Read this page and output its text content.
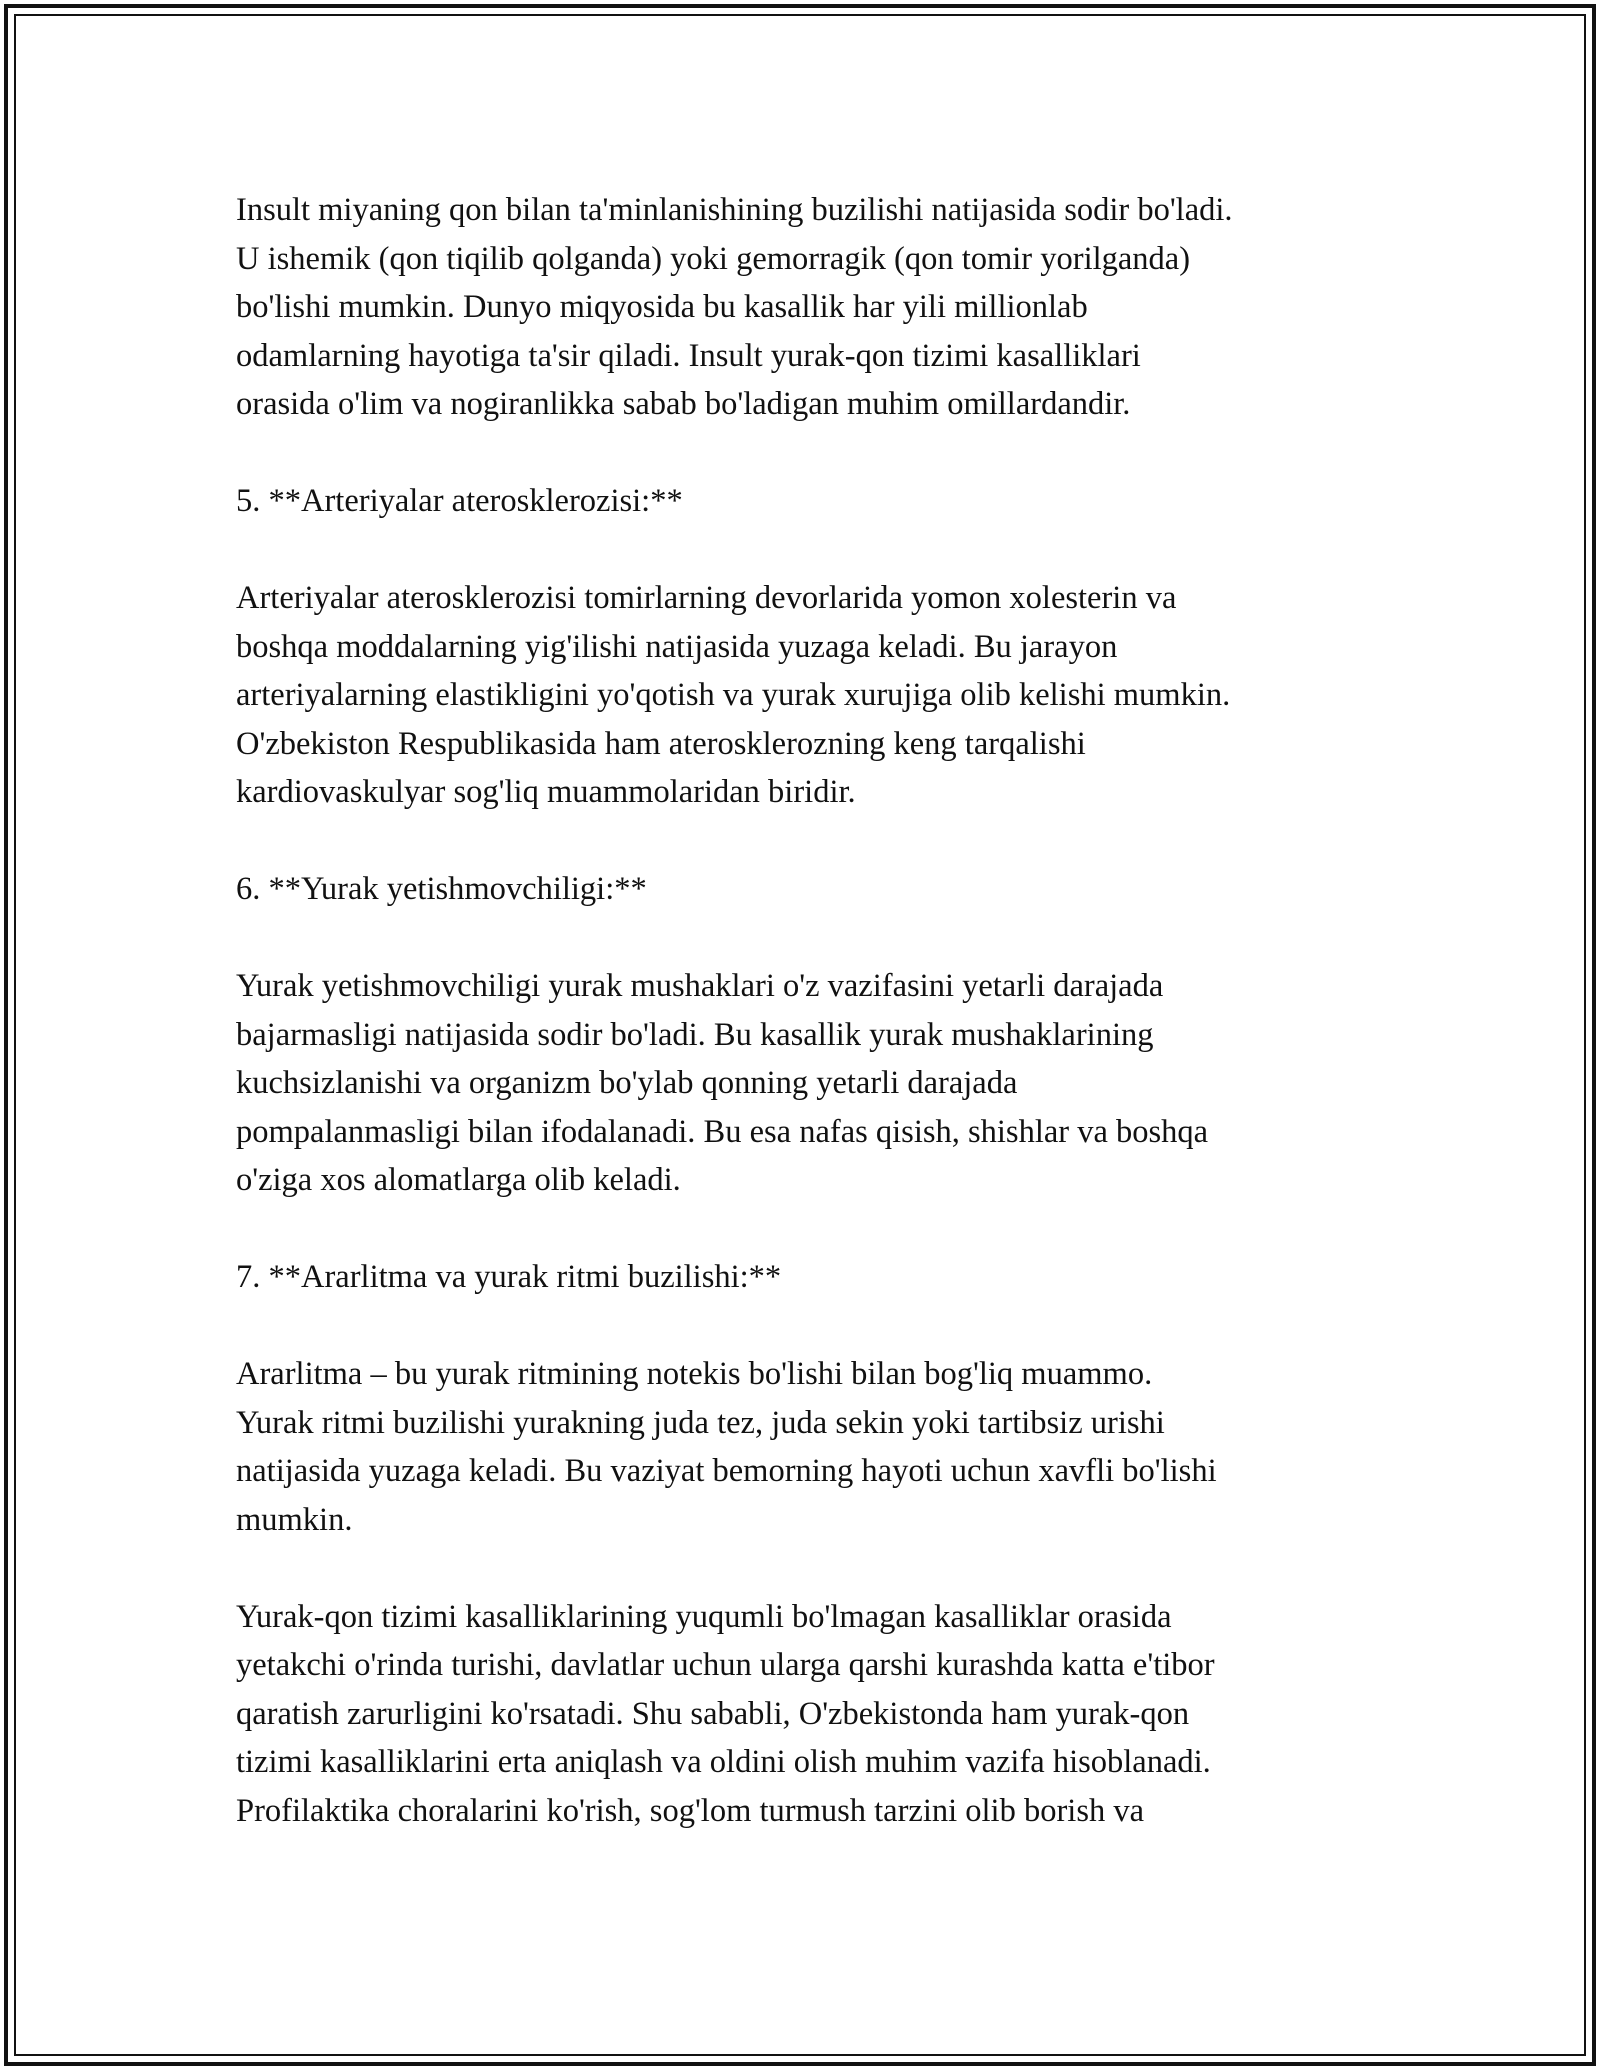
Insult miyaning qon bilan ta'minlanishining buzilishi natijasida sodir bo'ladi.
U ishemik (qon tiqilib qolganda) yoki gemorragik (qon tomir yorilganda)
bo'lishi mumkin. Dunyo miqyosida bu kasallik har yili millionlab
odamlarning hayotiga ta'sir qiladi. Insult yurak-qon tizimi kasalliklari
orasida o'lim va nogiranlikka sabab bo'ladigan muhim omillardandir.

5. **Arteriyalar aterosklerozisi:**

Arteriyalar aterosklerozisi tomirlarning devorlarida yomon xolesterin va
boshqa moddalarning yig'ilishi natijasida yuzaga keladi. Bu jarayon
arteriyalarning elastikligini yo'qotish va yurak xurujiga olib kelishi mumkin.
O'zbekiston Respublikasida ham aterosklerozning keng tarqalishi
kardiovaskulyar sog'liq muammolaridan biridir.

6. **Yurak yetishmovchiligi:**

Yurak yetishmovchiligi yurak mushaklari o'z vazifasini yetarli darajada
bajarmasligi natijasida sodir bo'ladi. Bu kasallik yurak mushaklarining
kuchsizlanishi va organizm bo'ylab qonning yetarli darajada
pompalanmasligi bilan ifodalanadi. Bu esa nafas qisish, shishlar va boshqa
o'ziga xos alomatlarga olib keladi.

7. **Ararlitma va yurak ritmi buzilishi:**

Ararlitma – bu yurak ritmining notekis bo'lishi bilan bog'liq muammo.
Yurak ritmi buzilishi yurakning juda tez, juda sekin yoki tartibsiz urishi
natijasida yuzaga keladi. Bu vaziyat bemorning hayoti uchun xavfli bo'lishi
mumkin.

Yurak-qon tizimi kasalliklarining yuqumli bo'lmagan kasalliklar orasida
yetakchi o'rinda turishi, davlatlar uchun ularga qarshi kurashda katta e'tibor
qaratish zarurligini ko'rsatadi. Shu sababli, O'zbekistonda ham yurak-qon
tizimi kasalliklarini erta aniqlash va oldini olish muhim vazifa hisoblanadi.
Profilaktika choralarini ko'rish, sog'lom turmush tarzini olib borish va
